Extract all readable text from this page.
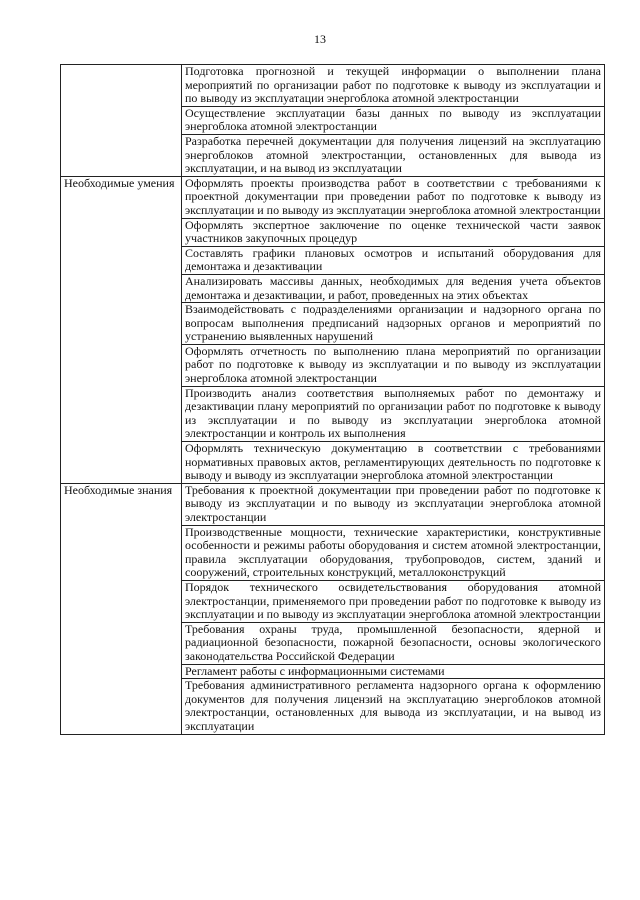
13
	Подготовка прогнозной и текущей информации о выполнении плана мероприятий по организации работ по подготовке к выводу из эксплуатации и по выводу из эксплуатации энергоблока атомной электростанции
	Осуществление эксплуатации базы данных по выводу из эксплуатации энергоблока атомной электростанции
	Разработка перечней документации для получения лицензий на эксплуатацию энергоблоков атомной электростанции, остановленных для вывода из эксплуатации, и на вывод из эксплуатации
Необходимые умения	Оформлять проекты производства работ в соответствии с требованиями к проектной документации при проведении работ по подготовке к выводу из эксплуатации и по выводу из эксплуатации энергоблока атомной электростанции
	Оформлять экспертное заключение по оценке технической части заявок участников закупочных процедур
	Составлять графики плановых осмотров и испытаний оборудования для демонтажа и дезактивации
	Анализировать массивы данных, необходимых для ведения учета объектов демонтажа и дезактивации, и работ, проведенных на этих объектах
	Взаимодействовать с подразделениями организации и надзорного органа по вопросам выполнения предписаний надзорных органов и мероприятий по устранению выявленных нарушений
	Оформлять отчетность по выполнению плана мероприятий по организации работ по подготовке к выводу из эксплуатации и по выводу из эксплуатации энергоблока атомной электростанции
	Производить анализ соответствия выполняемых работ по демонтажу и дезактивации плану мероприятий по организации работ по подготовке к выводу из эксплуатации и по выводу из эксплуатации энергоблока атомной электростанции и контроль их выполнения
	Оформлять техническую документацию в соответствии с требованиями нормативных правовых актов, регламентирующих деятельность по подготовке к выводу и выводу из эксплуатации энергоблока атомной электростанции
Необходимые знания	Требования к проектной документации при проведении работ по подготовке к выводу из эксплуатации и по выводу из эксплуатации энергоблока атомной электростанции
	Производственные мощности, технические характеристики, конструктивные особенности и режимы работы оборудования и систем атомной электростанции, правила эксплуатации оборудования, трубопроводов, систем, зданий и сооружений, строительных конструкций, металлоконструкций
	Порядок технического освидетельствования оборудования атомной электростанции, применяемого при проведении работ по подготовке к выводу из эксплуатации и по выводу из эксплуатации энергоблока атомной электростанции
	Требования охраны труда, промышленной безопасности, ядерной и радиационной безопасности, пожарной безопасности, основы экологического законодательства Российской Федерации
	Регламент работы с информационными системами
	Требования административного регламента надзорного органа к оформлению документов для получения лицензий на эксплуатацию энергоблоков атомной электростанции, остановленных для вывода из эксплуатации, и на вывод из эксплуатации
